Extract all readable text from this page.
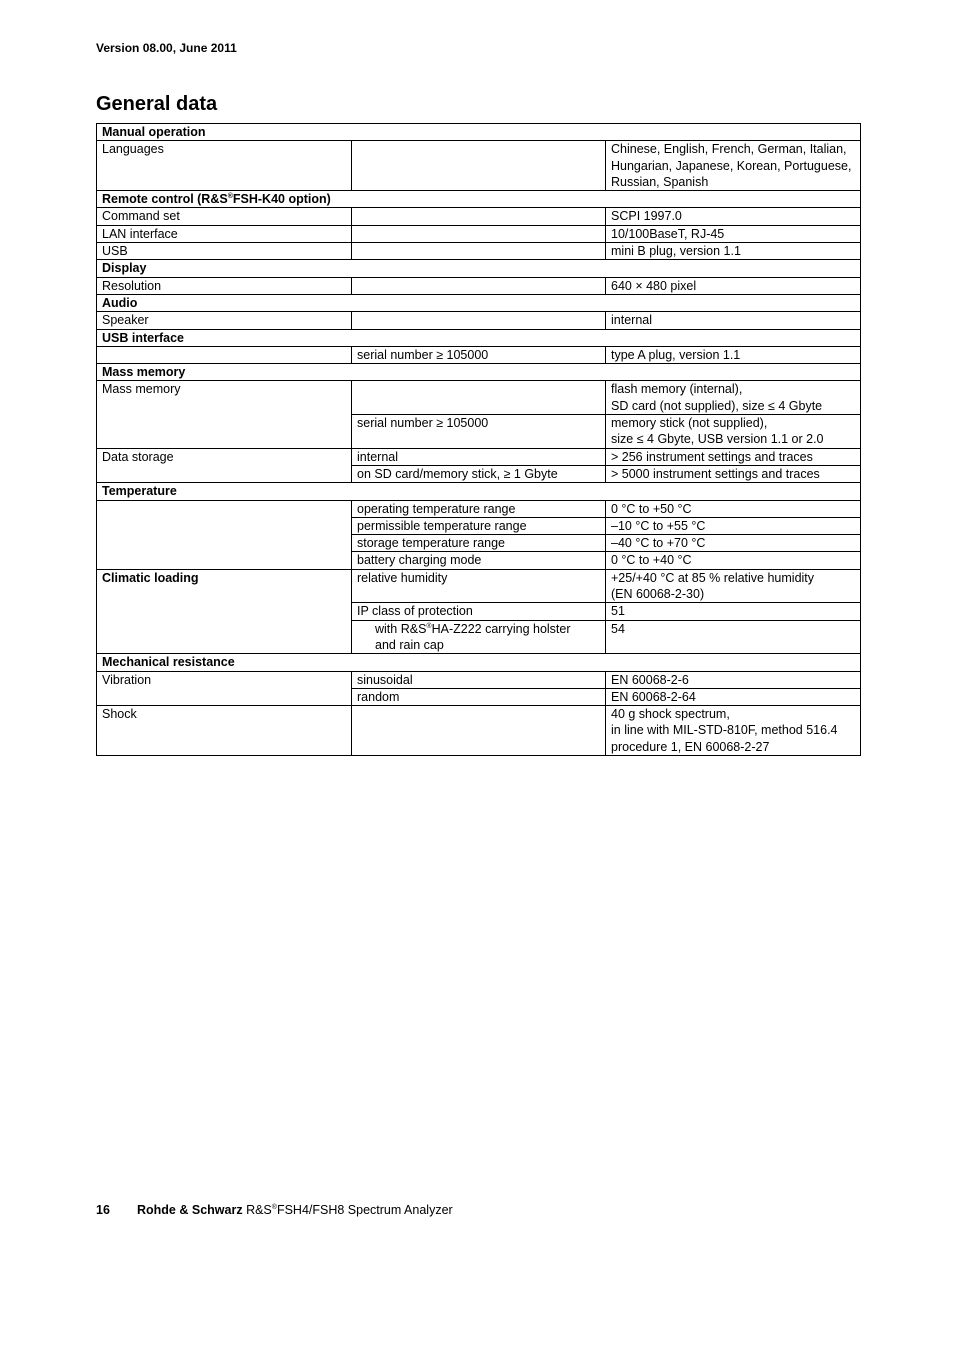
Version 08.00, June 2011
General data
Manual operation		
Languages		Chinese, English, French, German, Italian, Hungarian, Japanese, Korean, Portuguese, Russian, Spanish
Remote control (R&S®FSH-K40 option)		
Command set		SCPI 1997.0
LAN interface		10/100BaseT, RJ-45
USB		mini B plug, version 1.1
Display		
Resolution		640 × 480 pixel
Audio		
Speaker		internal
USB interface		
	serial number ≥ 105000	type A plug, version 1.1
Mass memory		
Mass memory		flash memory (internal),
SD card (not supplied), size ≤ 4 Gbyte

	serial number ≥ 105000	memory stick (not supplied),
size ≤ 4 Gbyte, USB version 1.1 or 2.0

Data storage	internal	> 256 instrument settings and traces
	on SD card/memory stick, ≥ 1 Gbyte	> 5000 instrument settings and traces
Temperature		
	operating temperature range	0 °C to +50 °C
	permissible temperature range	–10 °C to +55 °C
	storage temperature range	–40 °C to +70 °C
	battery charging mode	0 °C to +40 °C
Climatic loading	relative humidity	+25/+40 °C at 85 % relative humidity
(EN 60068-2-30)

	IP class of protection	51

	with R&S®HA-Z222 carrying holster
and rain cap	54
Mechanical resistance		
Vibration	sinusoidal	EN 60068-2-6
	random	EN 60068-2-64
Shock		40 g shock spectrum,
in line with MIL-STD-810F, method 516.4
procedure 1, EN 60068-2-27
16 Rohde & Schwarz R&S®FSH4/FSH8 Spectrum Analyzer
